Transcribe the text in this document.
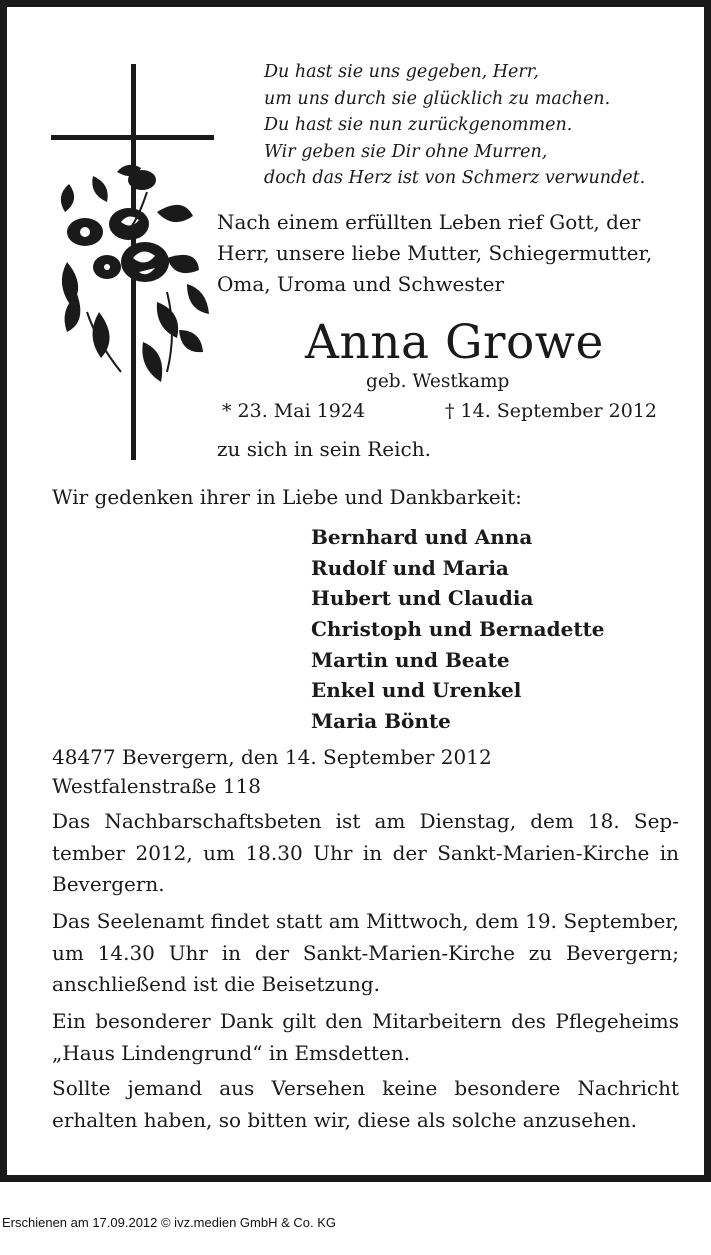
Du hast sie uns gegeben, Herr,
um uns durch sie glücklich zu machen.
Du hast sie nun zurückgenommen.
Wir geben sie Dir ohne Murren,
doch das Herz ist von Schmerz verwundet.
Nach einem erfüllten Leben rief Gott, der
Herr, unsere liebe Mutter, Schiegermutter,
Oma, Uroma und Schwester
Anna Growe
geb. Westkamp
* 23. Mai 1924	† 14. September 2012
zu sich in sein Reich.
Wir gedenken ihrer in Liebe und Dankbarkeit:
Bernhard und Anna
Rudolf und Maria
Hubert und Claudia
Christoph und Bernadette
Martin und Beate
Enkel und Urenkel
Maria Bönte
48477 Bevergern, den 14. September 2012
Westfalenstraße 118
Das Nachbarschaftsbeten ist am Dienstag, dem 18. September 2012, um 18.30 Uhr in der Sankt-Marien-Kirche in Bevergern.
Das Seelenamt findet statt am Mittwoch, dem 19. September, um 14.30 Uhr in der Sankt-Marien-Kirche zu Bevergern; anschließend ist die Beisetzung.
Ein besonderer Dank gilt den Mitarbeitern des Pflegeheims „Haus Lindengrund“ in Emsdetten.
Sollte jemand aus Versehen keine besondere Nachricht erhalten haben, so bitten wir, diese als solche anzusehen.
Erschienen am 17.09.2012 © ivz.medien GmbH & Co. KG
